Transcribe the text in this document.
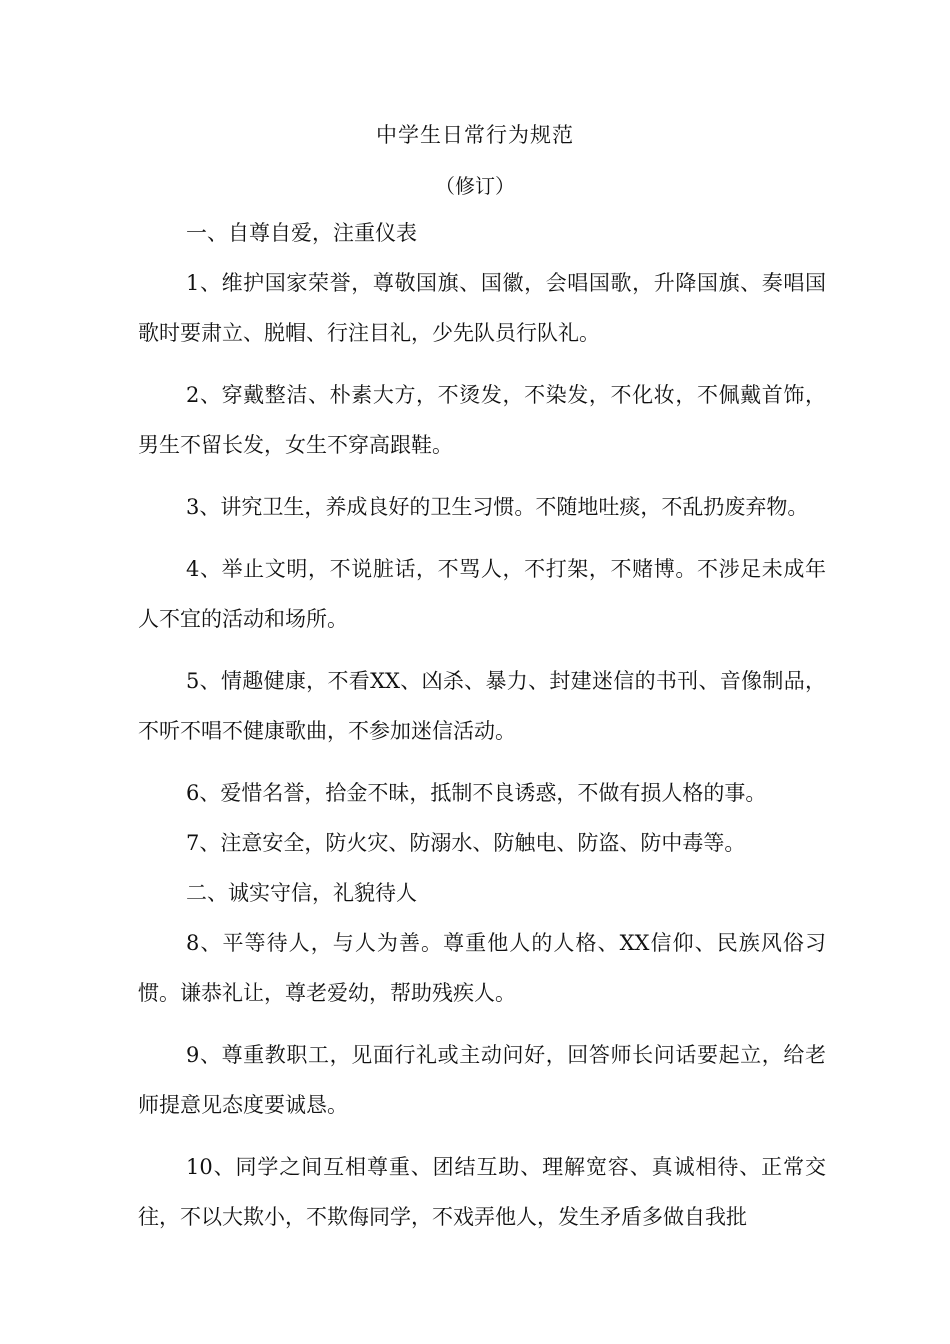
中学生日常行为规范
（修订）

一、自尊自爱，注重仪表

1、维护国家荣誉，尊敬国旗、国徽，会唱国歌，升降国旗、奏唱国歌时要肃立、脱帽、行注目礼，少先队员行队礼。

2、穿戴整洁、朴素大方，不烫发，不染发，不化妆，不佩戴首饰，男生不留长发，女生不穿高跟鞋。

3、讲究卫生，养成良好的卫生习惯。不随地吐痰，不乱扔废弃物。

4、举止文明，不说脏话，不骂人，不打架，不赌博。不涉足未成年人不宜的活动和场所。

5、情趣健康，不看XX、凶杀、暴力、封建迷信的书刊、音像制品，不听不唱不健康歌曲，不参加迷信活动。

6、爱惜名誉，拾金不昧，抵制不良诱惑，不做有损人格的事。

7、注意安全，防火灾、防溺水、防触电、防盗、防中毒等。

二、诚实守信，礼貌待人

8、平等待人，与人为善。尊重他人的人格、XX信仰、民族风俗习惯。谦恭礼让，尊老爱幼，帮助残疾人。

9、尊重教职工，见面行礼或主动问好，回答师长问话要起立，给老师提意见态度要诚恳。

10、同学之间互相尊重、团结互助、理解宽容、真诚相待、正常交往，不以大欺小，不欺侮同学，不戏弄他人，发生矛盾多做自我批
